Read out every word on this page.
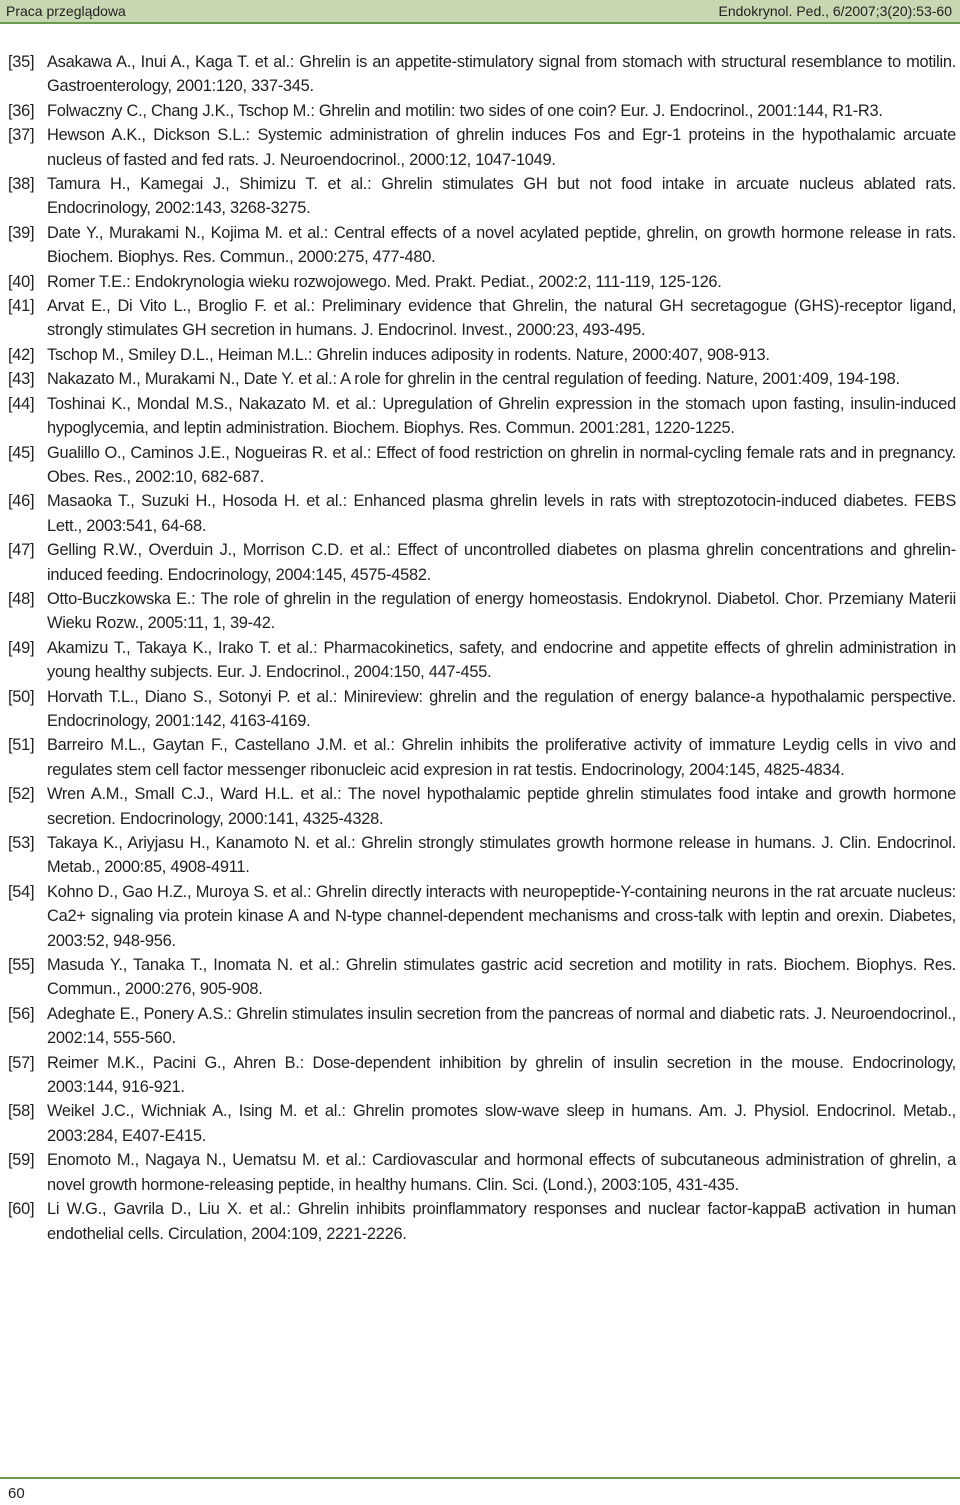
Praca przeglądowa	Endokrynol. Ped., 6/2007;3(20):53-60
[35] Asakawa A., Inui A., Kaga T. et al.: Ghrelin is an appetite-stimulatory signal from stomach with structural resemblance to motilin. Gastroenterology, 2001:120, 337-345.
[36] Folwaczny C., Chang J.K., Tschop M.: Ghrelin and motilin: two sides of one coin? Eur. J. Endocrinol., 2001:144, R1-R3.
[37] Hewson A.K., Dickson S.L.: Systemic administration of ghrelin induces Fos and Egr-1 proteins in the hypothalamic arcuate nucleus of fasted and fed rats. J. Neuroendocrinol., 2000:12, 1047-1049.
[38] Tamura H., Kamegai J., Shimizu T. et al.: Ghrelin stimulates GH but not food intake in arcuate nucleus ablated rats. Endocrinology, 2002:143, 3268-3275.
[39] Date Y., Murakami N., Kojima M. et al.: Central effects of a novel acylated peptide, ghrelin, on growth hormone release in rats. Biochem. Biophys. Res. Commun., 2000:275, 477-480.
[40] Romer T.E.: Endokrynologia wieku rozwojowego. Med. Prakt. Pediat., 2002:2, 111-119, 125-126.
[41] Arvat E., Di Vito L., Broglio F. et al.: Preliminary evidence that Ghrelin, the natural GH secretagogue (GHS)-receptor ligand, strongly stimulates GH secretion in humans. J. Endocrinol. Invest., 2000:23, 493-495.
[42] Tschop M., Smiley D.L., Heiman M.L.: Ghrelin induces adiposity in rodents. Nature, 2000:407, 908-913.
[43] Nakazato M., Murakami N., Date Y. et al.: A role for ghrelin in the central regulation of feeding. Nature, 2001:409, 194-198.
[44] Toshinai K., Mondal M.S., Nakazato M. et al.: Upregulation of Ghrelin expression in the stomach upon fasting, insulin-induced hypoglycemia, and leptin administration. Biochem. Biophys. Res. Commun. 2001:281, 1220-1225.
[45] Gualillo O., Caminos J.E., Nogueiras R. et al.: Effect of food restriction on ghrelin in normal-cycling female rats and in pregnancy. Obes. Res., 2002:10, 682-687.
[46] Masaoka T., Suzuki H., Hosoda H. et al.: Enhanced plasma ghrelin levels in rats with streptozotocin-induced diabetes. FEBS Lett., 2003:541, 64-68.
[47] Gelling R.W., Overduin J., Morrison C.D. et al.: Effect of uncontrolled diabetes on plasma ghrelin concentrations and ghrelin-induced feeding. Endocrinology, 2004:145, 4575-4582.
[48] Otto-Buczkowska E.: The role of ghrelin in the regulation of energy homeostasis. Endokrynol. Diabetol. Chor. Przemiany Materii Wieku Rozw., 2005:11, 1, 39-42.
[49] Akamizu T., Takaya K., Irako T. et al.: Pharmacokinetics, safety, and endocrine and appetite effects of ghrelin administration in young healthy subjects. Eur. J. Endocrinol., 2004:150, 447-455.
[50] Horvath T.L., Diano S., Sotonyi P. et al.: Minireview: ghrelin and the regulation of energy balance-a hypothalamic perspective. Endocrinology, 2001:142, 4163-4169.
[51] Barreiro M.L., Gaytan F., Castellano J.M. et al.: Ghrelin inhibits the proliferative activity of immature Leydig cells in vivo and regulates stem cell factor messenger ribonucleic acid expresion in rat testis. Endocrinology, 2004:145, 4825-4834.
[52] Wren A.M., Small C.J., Ward H.L. et al.: The novel hypothalamic peptide ghrelin stimulates food intake and growth hormone secretion. Endocrinology, 2000:141, 4325-4328.
[53] Takaya K., Ariyjasu H., Kanamoto N. et al.: Ghrelin strongly stimulates growth hormone release in humans. J. Clin. Endocrinol. Metab., 2000:85, 4908-4911.
[54] Kohno D., Gao H.Z., Muroya S. et al.: Ghrelin directly interacts with neuropeptide-Y-containing neurons in the rat arcuate nucleus: Ca2+ signaling via protein kinase A and N-type channel-dependent mechanisms and cross-talk with leptin and orexin. Diabetes, 2003:52, 948-956.
[55] Masuda Y., Tanaka T., Inomata N. et al.: Ghrelin stimulates gastric acid secretion and motility in rats. Biochem. Biophys. Res. Commun., 2000:276, 905-908.
[56] Adeghate E., Ponery A.S.: Ghrelin stimulates insulin secretion from the pancreas of normal and diabetic rats. J. Neuroendocrinol., 2002:14, 555-560.
[57] Reimer M.K., Pacini G., Ahren B.: Dose-dependent inhibition by ghrelin of insulin secretion in the mouse. Endocrinology, 2003:144, 916-921.
[58] Weikel J.C., Wichniak A., Ising M. et al.: Ghrelin promotes slow-wave sleep in humans. Am. J. Physiol. Endocrinol. Metab., 2003:284, E407-E415.
[59] Enomoto M., Nagaya N., Uematsu M. et al.: Cardiovascular and hormonal effects of subcutaneous administration of ghrelin, a novel growth hormone-releasing peptide, in healthy humans. Clin. Sci. (Lond.), 2003:105, 431-435.
[60] Li W.G., Gavrila D., Liu X. et al.: Ghrelin inhibits proinflammatory responses and nuclear factor-kappaB activation in human endothelial cells. Circulation, 2004:109, 2221-2226.
60
